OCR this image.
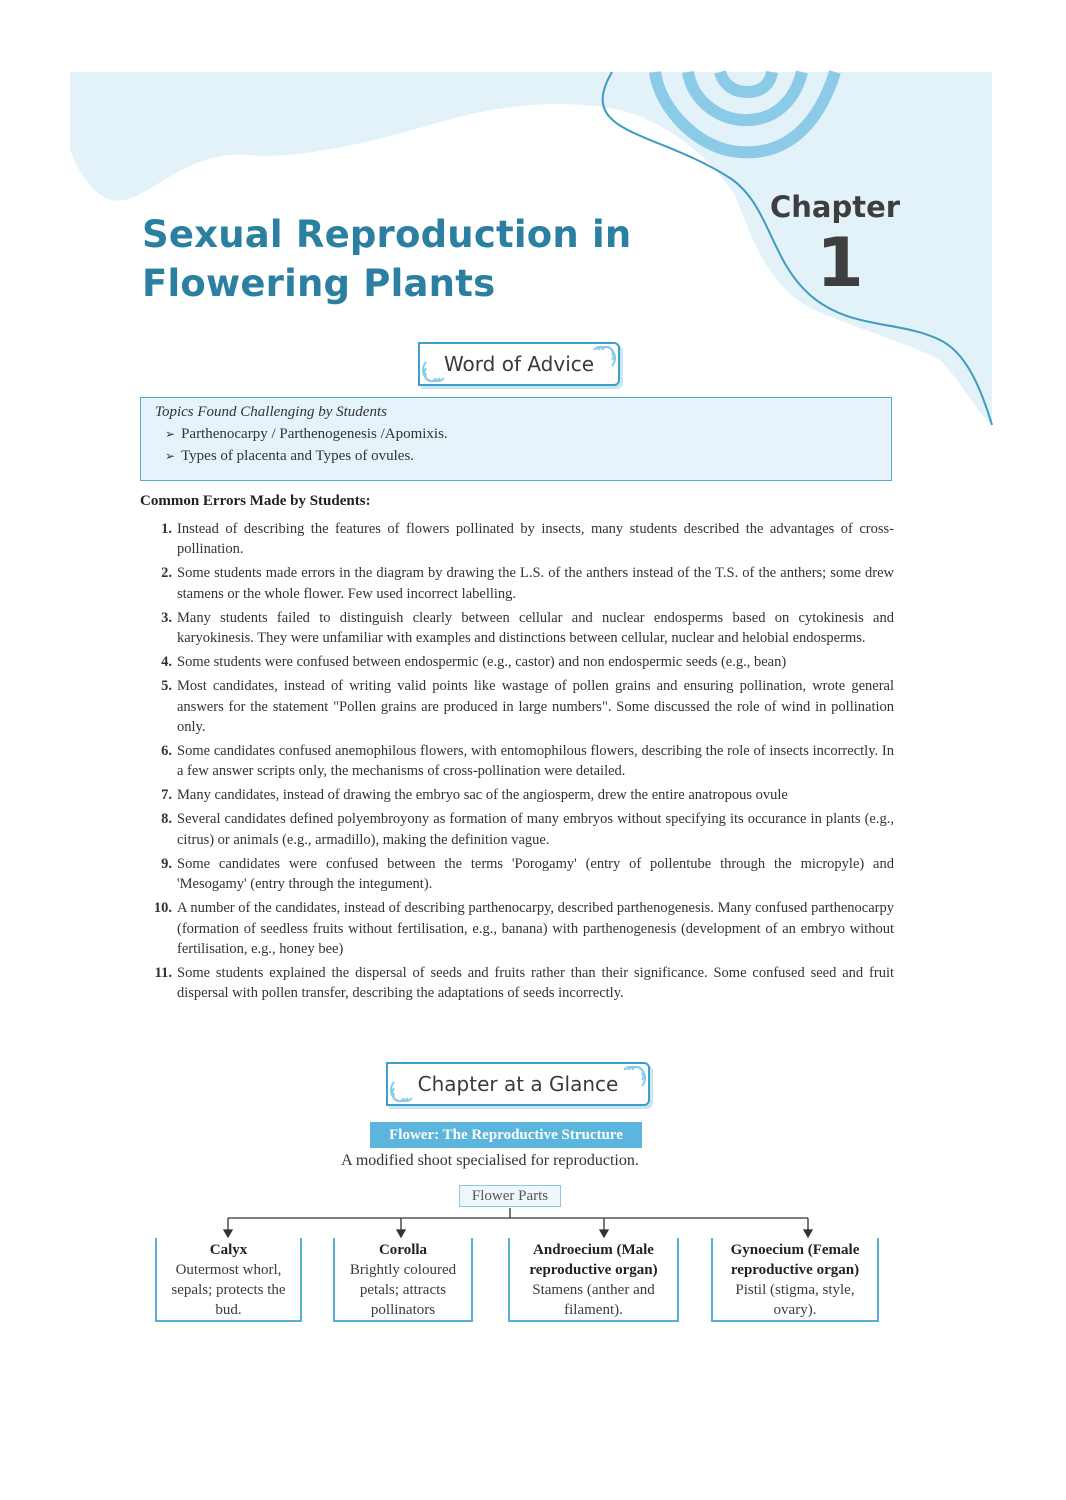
Sexual Reproduction in
Flowering Plants
Chapter
1
Word of Advice

Topics Found Challenging by Students

➢ Parthenocarpy / Parthenogenesis /Apomixis.
➢ Types of placenta and Types of ovules.

Common Errors Made by Students:

1 . Instead of describing the features of flowers pollinated by insects, many students described the advantages of cross-pollination.
2 . Some students made errors in the diagram by drawing the L.S. of the anthers instead of the T.S. of the anthers; some drew stamens or the whole flower. Few used incorrect labelling.
3 . Many students failed to distinguish clearly between cellular and nuclear endosperms based on cytokinesis and karyokinesis. They were unfamiliar with examples and distinctions between cellular, nuclear and helobial endosperms.
4 . Some students were confused between endospermic (e.g., castor) and non endospermic seeds (e.g., bean)
5 . Most candidates, instead of writing valid points like wastage of pollen grains and ensuring pollination, wrote general answers for the statement "Pollen grains are produced in large numbers". Some discussed the role of wind in pollination only.
6 . Some candidates confused anemophilous flowers, with entomophilous flowers, describing the role of insects incorrectly. In a few answer scripts only, the mechanisms of cross-pollination were detailed.
7 . Many candidates, instead of drawing the embryo sac of the angiosperm, drew the entire anatropous ovule
8 . Several candidates defined polyembroyony as formation of many embryos without specifying its occurance in plants (e.g., citrus) or animals (e.g., armadillo), making the definition vague.
9 . Some candidates were confused between the terms 'Porogamy' (entry of pollentube through the micropyle) and 'Mesogamy' (entry through the integument).
10 . A number of the candidates, instead of describing parthenocarpy, described parthenogenesis. Many confused parthenocarpy (formation of seedless fruits without fertilisation, e.g., banana) with parthenogenesis (development of an embryo without fertilisation, e.g., honey bee)
11 . Some students explained the dispersal of seeds and fruits rather than their significance. Some confused seed and fruit dispersal with pollen transfer, describing the adaptations of seeds incorrectly.
Chapter at a Glance
Flower: The Reproductive Structure
A modified shoot specialised for reproduction.
Flower Parts
Calyx
Outermost whorl, sepals; protects the bud.
Corolla
Brightly coloured petals; attracts pollinators
Androecium (Male reproductive organ)
Stamens (anther and filament).
Gynoecium (Female reproductive organ)
Pistil (stigma, style, ovary).
